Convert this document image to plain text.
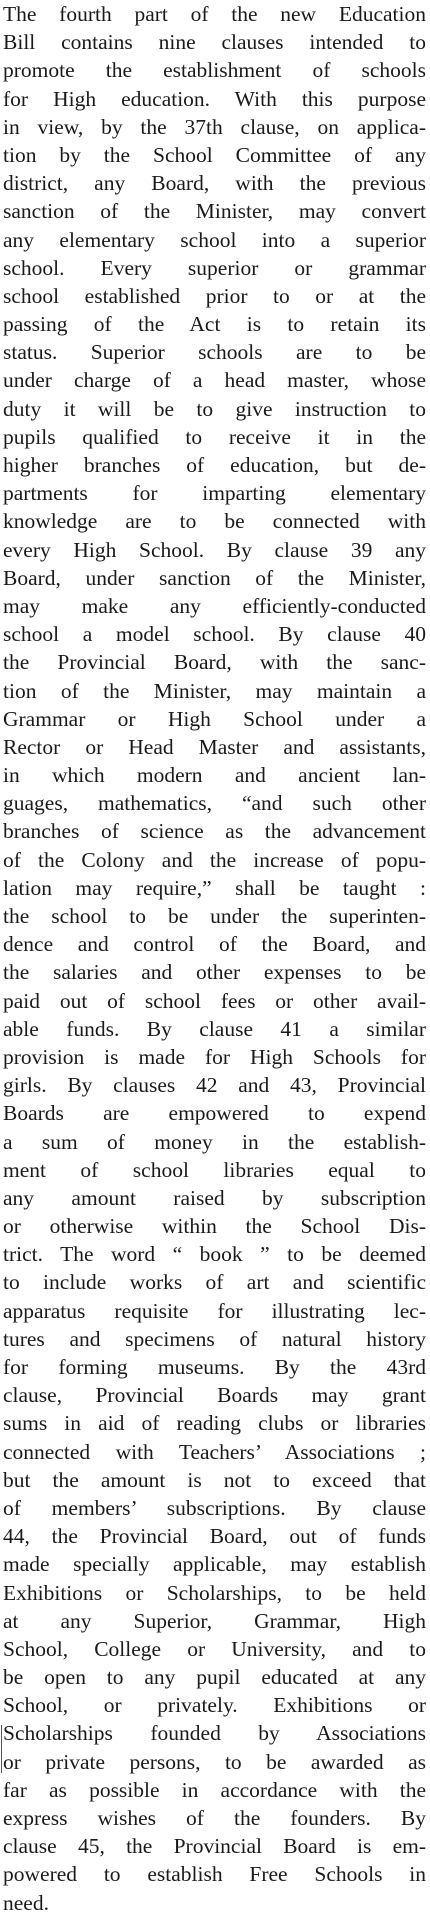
The fourth part of the new Education
Bill contains nine clauses intended to
promote the establishment of schools
for High education. With this purpose
in view, by the 37th clause, on applica-
tion by the School Committee of any
district, any Board, with the previous
sanction of the Minister, may convert
any elementary school into a superior
school. Every superior or grammar
school established prior to or at the
passing of the Act is to retain its
status. Superior schools are to be
under charge of a head master, whose
duty it will be to give instruction to
pupils qualified to receive it in the
higher branches of education, but de-
partments for imparting elementary
knowledge are to be connected with
every High School. By clause 39 any
Board, under sanction of the Minister,
may make any efficiently-conducted
school a model school. By clause 40
the Provincial Board, with the sanc-
tion of the Minister, may maintain a
Grammar or High School under a
Rector or Head Master and assistants,
in which modern and ancient lan-
guages, mathematics, “and such other
branches of science as the advancement
of the Colony and the increase of popu-
lation may require,” shall be taught :
the school to be under the superinten-
dence and control of the Board, and
the salaries and other expenses to be
paid out of school fees or other avail-
able funds. By clause 41 a similar
provision is made for High Schools for
girls. By clauses 42 and 43, Provincial
Boards are empowered to expend
a sum of money in the establish-
ment of school libraries equal to
any amount raised by subscription
or otherwise within the School Dis-
trict. The word “ book ” to be deemed
to include works of art and scientific
apparatus requisite for illustrating lec-
tures and specimens of natural history
for forming museums. By the 43rd
clause, Provincial Boards may grant
sums in aid of reading clubs or libraries
connected with Teachers’ Associations ;
but the amount is not to exceed that
of members’ subscriptions. By clause
44, the Provincial Board, out of funds
made specially applicable, may establish
Exhibitions or Scholarships, to be held
at any Superior, Grammar, High
School, College or University, and to
be open to any pupil educated at any
School, or privately. Exhibitions or
Scholarships founded by Associations
or private persons, to be awarded as
far as possible in accordance with the
express wishes of the founders. By
clause 45, the Provincial Board is em-
powered to establish Free Schools in
need.
